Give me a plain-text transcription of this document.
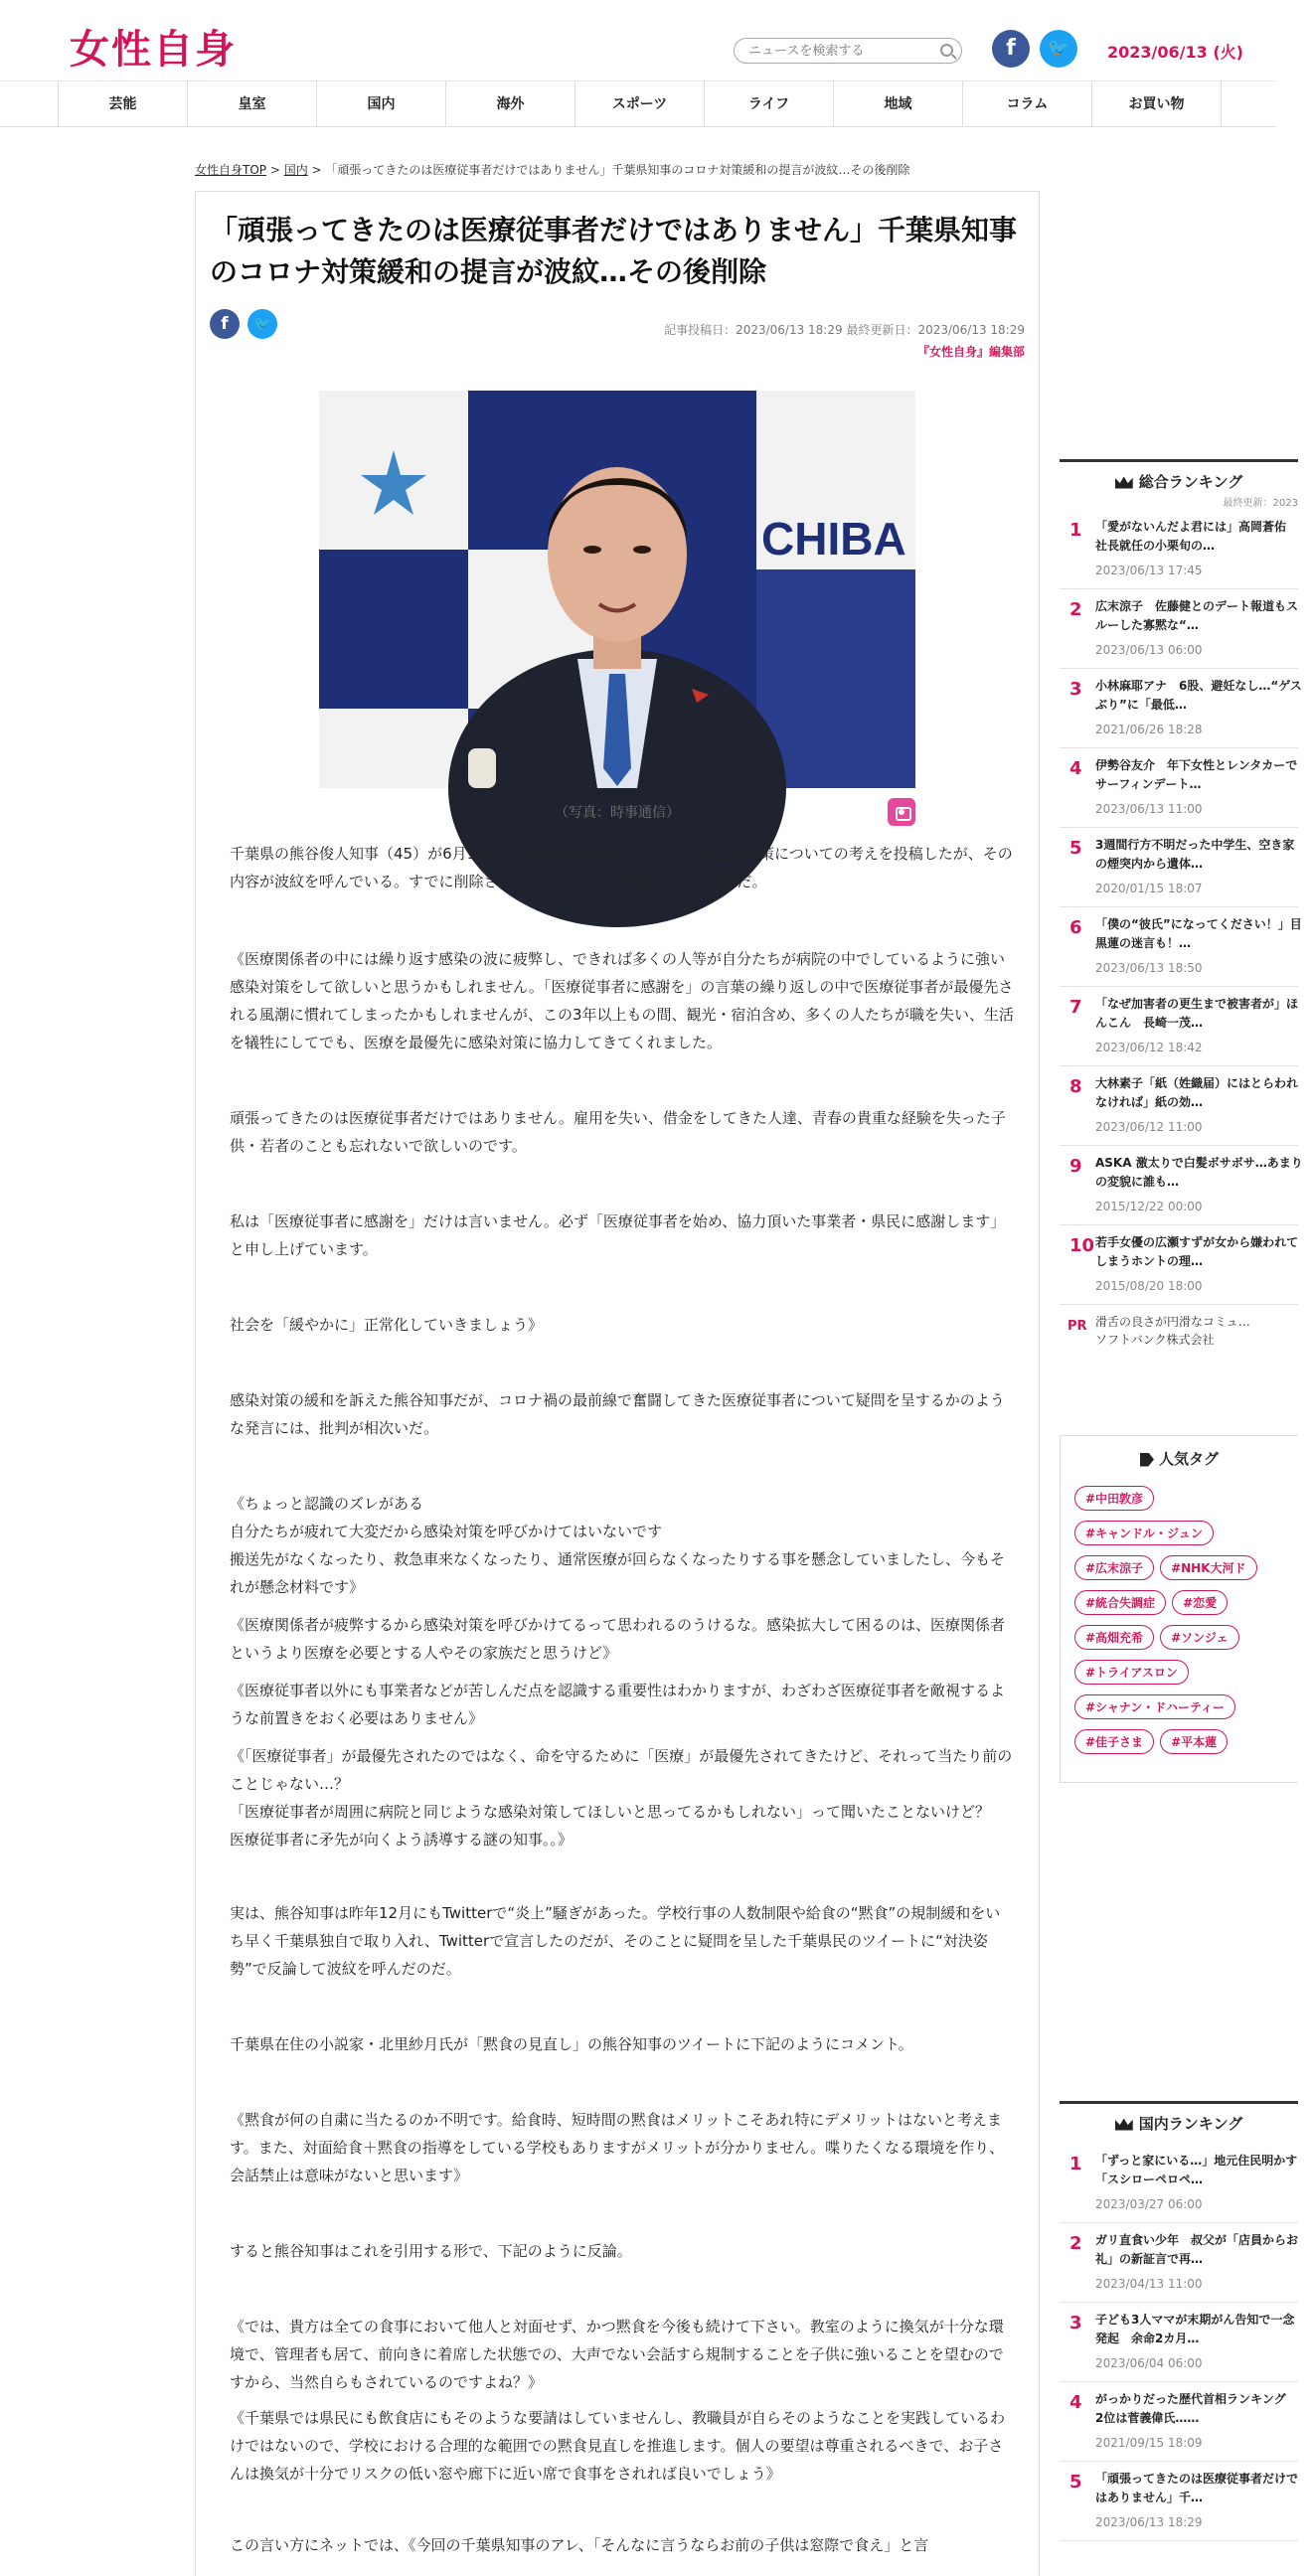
女性自身
ニュースを検索する	f	🐦	2023/06/13 (火)
芸能	皇室	国内	海外	スポーツ	ライフ	地域	コラム	お買い物
女性自身TOP > 国内 > 「頑張ってきたのは医療従事者だけではありません」千葉県知事のコロナ対策緩和の提言が波紋…その後削除
「頑張ってきたのは医療従事者だけではありません」千葉県知事のコロナ対策緩和の提言が波紋…その後削除
f	🐦	記事投稿日：2023/06/13 18:29 最終更新日：2023/06/13 18:29
『女性自身』編集部
CHIBA
（写真：時事通信）

千葉県の熊谷俊人知事（45）が6月12日、自身のTwitterで新型コロナの感染対策についての考えを投稿したが、その内容が波紋を呼んでいる。すでに削除されているが、その内容は以下の通りだ。

《医療関係者の中には繰り返す感染の波に疲弊し、できれば多くの人等が自分たちが病院の中でしているように強い感染対策をして欲しいと思うかもしれません。「医療従事者に感謝を」の言葉の繰り返しの中で医療従事者が最優先される風潮に慣れてしまったかもしれませんが、この3年以上もの間、観光・宿泊含め、多くの人たちが職を失い、生活を犠牲にしてでも、医療を最優先に感染対策に協力してきてくれました。

頑張ってきたのは医療従事者だけではありません。雇用を失い、借金をしてきた人達、青春の貴重な経験を失った子供・若者のことも忘れないで欲しいのです。

私は「医療従事者に感謝を」だけは言いません。必ず「医療従事者を始め、協力頂いた事業者・県民に感謝します」と申し上げています。

社会を「緩やかに」正常化していきましょう》

感染対策の緩和を訴えた熊谷知事だが、コロナ禍の最前線で奮闘してきた医療従事者について疑問を呈するかのような発言には、批判が相次いだ。

《ちょっと認識のズレがある
自分たちが疲れて大変だから感染対策を呼びかけてはいないです
搬送先がなくなったり、救急車来なくなったり、通常医療が回らなくなったりする事を懸念していましたし、今もそれが懸念材料です》

《医療関係者が疲弊するから感染対策を呼びかけてるって思われるのうけるな。感染拡大して困るのは、医療関係者というより医療を必要とする人やその家族だと思うけど》

《医療従事者以外にも事業者などが苦しんだ点を認識する重要性はわかりますが、わざわざ医療従事者を敵視するような前置きをおく必要はありません》

《「医療従事者」が最優先されたのではなく、命を守るために「医療」が最優先されてきたけど、それって当たり前のことじゃない…？
「医療従事者が周囲に病院と同じような感染対策してほしいと思ってるかもしれない」って聞いたことないけど？　医療従事者に矛先が向くよう誘導する謎の知事。。》

実は、熊谷知事は昨年12月にもTwitterで“炎上”騒ぎがあった。学校行事の人数制限や給食の“黙食”の規制緩和をいち早く千葉県独自で取り入れ、Twitterで宣言したのだが、そのことに疑問を呈した千葉県民のツイートに“対決姿勢”で反論して波紋を呼んだのだ。

千葉県在住の小説家・北里紗月氏が「黙食の見直し」の熊谷知事のツイートに下記のようにコメント。

《黙食が何の自粛に当たるのか不明です。給食時、短時間の黙食はメリットこそあれ特にデメリットはないと考えます。また、対面給食＋黙食の指導をしている学校もありますがメリットが分かりません。喋りたくなる環境を作り、会話禁止は意味がないと思います》

すると熊谷知事はこれを引用する形で、下記のように反論。

《では、貴方は全ての食事において他人と対面せず、かつ黙食を今後も続けて下さい。教室のように換気が十分な環境で、管理者も居て、前向きに着席した状態での、大声でない会話すら規制することを子供に強いることを望むのですから、当然自らもされているのですよね？》

《千葉県では県民にも飲食店にもそのような要請はしていませんし、教職員が自らそのようなことを実践しているわけではないので、学校における合理的な範囲での黙食見直しを推進します。個人の要望は尊重されるべきで、お子さんは換気が十分でリスクの低い窓や廊下に近い席で食事をされれば良いでしょう》

この言い方にネットでは、《今回の千葉県知事のアレ、「そんなに言うならお前の子供は窓際で食え」と言

総合ランキング
最終更新：2023
1 「愛がないんだよ君には」高岡蒼佑　社長就任の小栗旬の…
2023/06/13 17:45
2 広末涼子　佐藤健とのデート報道もスルーした寡黙な“…
2023/06/13 06:00
3 小林麻耶アナ　6股、避妊なし…“ゲスぶり”に「最低…
2021/06/26 18:28
4 伊勢谷友介　年下女性とレンタカーでサーフィンデート…
2023/06/13 11:00
5 3週間行方不明だった中学生、空き家の煙突内から遺体…
2020/01/15 18:07
6 「僕の“彼氏”になってください！」目黒蓮の迷言も！…
2023/06/13 18:50
7 「なぜ加害者の更生まで被害者が」ほんこん　長崎一茂…
2023/06/12 18:42
8 大林素子「紙（姓織届）にはとらわれなければ」紙の効…
2023/06/12 11:00
9 ASKA 激太りで白髪ボサボサ…あまりの変貌に誰も…
2015/12/22 00:00
10 若手女優の広瀬すずが女から嫌われてしまうホントの理…
2015/08/20 18:00
PR 滑舌の良さが円滑なコミュ…
ソフトバンク株式会社
人気タグ
#中田敦彦
#キャンドル・ジュン
#広末涼子 #NHK大河ド
#統合失調症 #恋愛
#高畑充希 #ソンジェ
#トライアスロン
#シャナン・ドハーティー
#佳子さま #平本蓮
国内ランキング
1 「ずっと家にいる…」地元住民明かす「スシローペロペ…
2023/03/27 06:00
2 ガリ直食い少年　叔父が「店員からお礼」の新証言で再…
2023/04/13 11:00
3 子ども3人ママが末期がん告知で一念発起　余命2カ月…
2023/06/04 06:00
4 がっかりだった歴代首相ランキング　2位は菅義偉氏……
2021/09/15 18:09
5 「頑張ってきたのは医療従事者だけではありません」千…
2023/06/13 18:29
